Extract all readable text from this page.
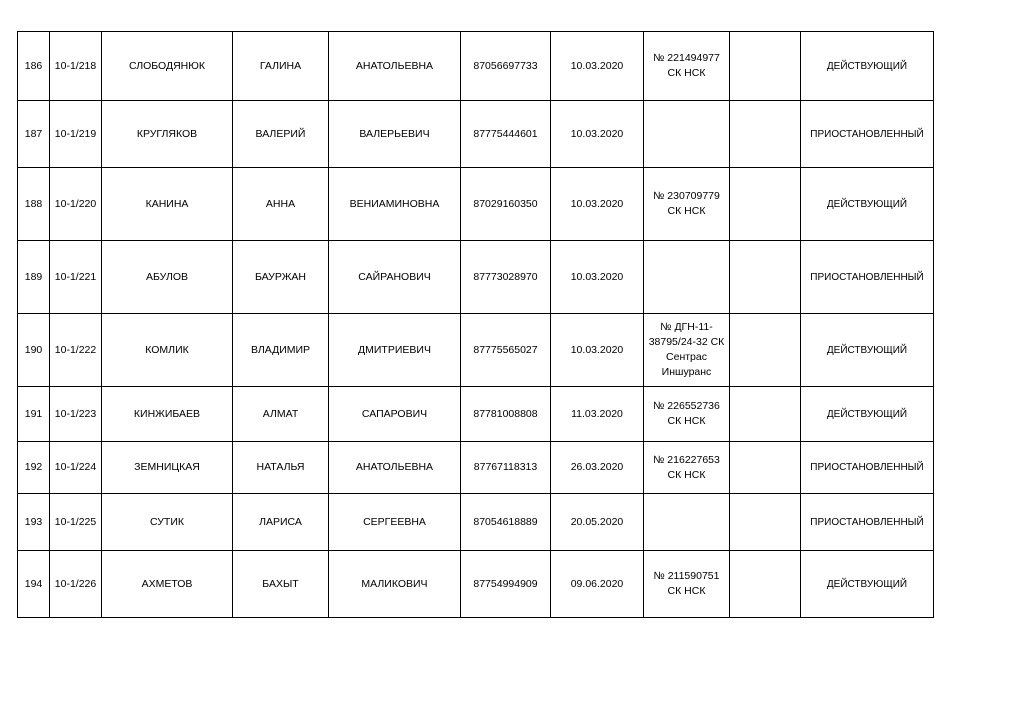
186	10-1/218	СЛОБОДЯНЮК	ГАЛИНА	АНАТОЛЬЕВНА	87056697733	10.03.2020	№ 221494977 СК НСК		ДЕЙСТВУЮЩИЙ
187	10-1/219	КРУГЛЯКОВ	ВАЛЕРИЙ	ВАЛЕРЬЕВИЧ	87775444601	10.03.2020			ПРИОСТАНОВЛЕННЫЙ
188	10-1/220	КАНИНА	АННА	ВЕНИАМИНОВНА	87029160350	10.03.2020	№ 230709779 СК НСК		ДЕЙСТВУЮЩИЙ
189	10-1/221	АБУЛОВ	БАУРЖАН	САЙРАНОВИЧ	87773028970	10.03.2020			ПРИОСТАНОВЛЕННЫЙ
190	10-1/222	КОМЛИК	ВЛАДИМИР	ДМИТРИЕВИЧ	87775565027	10.03.2020	№ ДГН-11-38795/24-32 СК Сентрас Иншуранс		ДЕЙСТВУЮЩИЙ
191	10-1/223	КИНЖИБАЕВ	АЛМАТ	САПАРОВИЧ	87781008808	11.03.2020	№ 226552736 СК НСК		ДЕЙСТВУЮЩИЙ
192	10-1/224	ЗЕМНИЦКАЯ	НАТАЛЬЯ	АНАТОЛЬЕВНА	87767118313	26.03.2020	№ 216227653 СК НСК		ПРИОСТАНОВЛЕННЫЙ
193	10-1/225	СУТИК	ЛАРИСА	СЕРГЕЕВНА	87054618889	20.05.2020			ПРИОСТАНОВЛЕННЫЙ
194	10-1/226	АХМЕТОВ	БАХЫТ	МАЛИКОВИЧ	87754994909	09.06.2020	№ 211590751 СК НСК		ДЕЙСТВУЮЩИЙ
